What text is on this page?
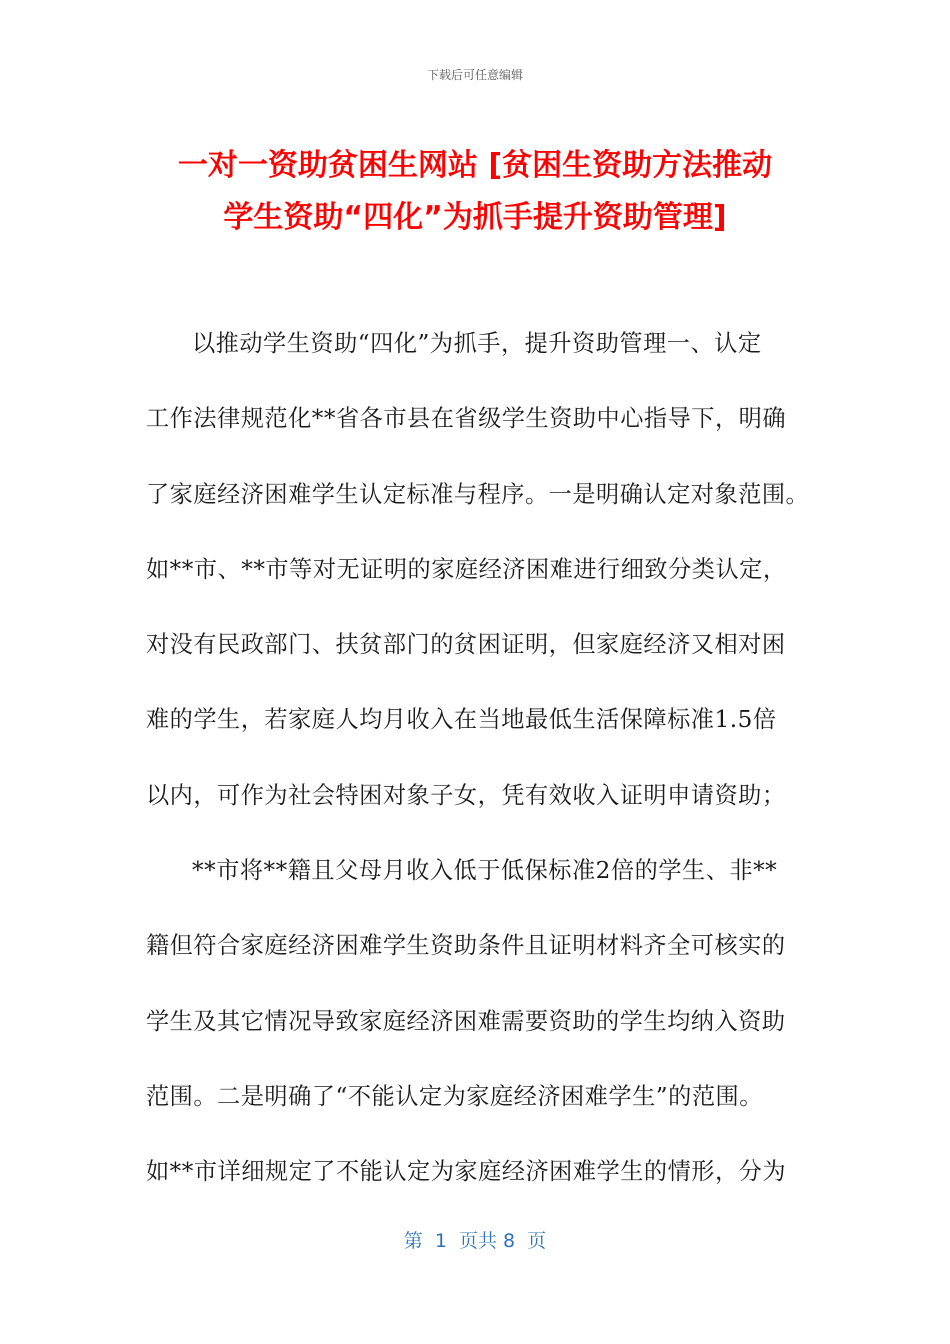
下载后可任意编辑
一对一资助贫困生网站 [贫困生资助方法推动
学生资助“四化”为抓手提升资助管理]
以推动学生资助“四化”为抓手，提升资助管理一、认定
工作法律规范化**省各市县在省级学生资助中心指导下，明确
了家庭经济困难学生认定标准与程序。一是明确认定对象范围。
如**市、**市等对无证明的家庭经济困难进行细致分类认定，
对没有民政部门、扶贫部门的贫困证明，但家庭经济又相对困
难的学生，若家庭人均月收入在当地最低生活保障标准1.5倍
以内，可作为社会特困对象子女，凭有效收入证明申请资助；
**市将**籍且父母月收入低于低保标准2倍的学生、非**
籍但符合家庭经济困难学生资助条件且证明材料齐全可核实的
学生及其它情况导致家庭经济困难需要资助的学生均纳入资助
范围。二是明确了“不能认定为家庭经济困难学生”的范围。
如**市详细规定了不能认定为家庭经济困难学生的情形，分为
第  1  页共 8  页
